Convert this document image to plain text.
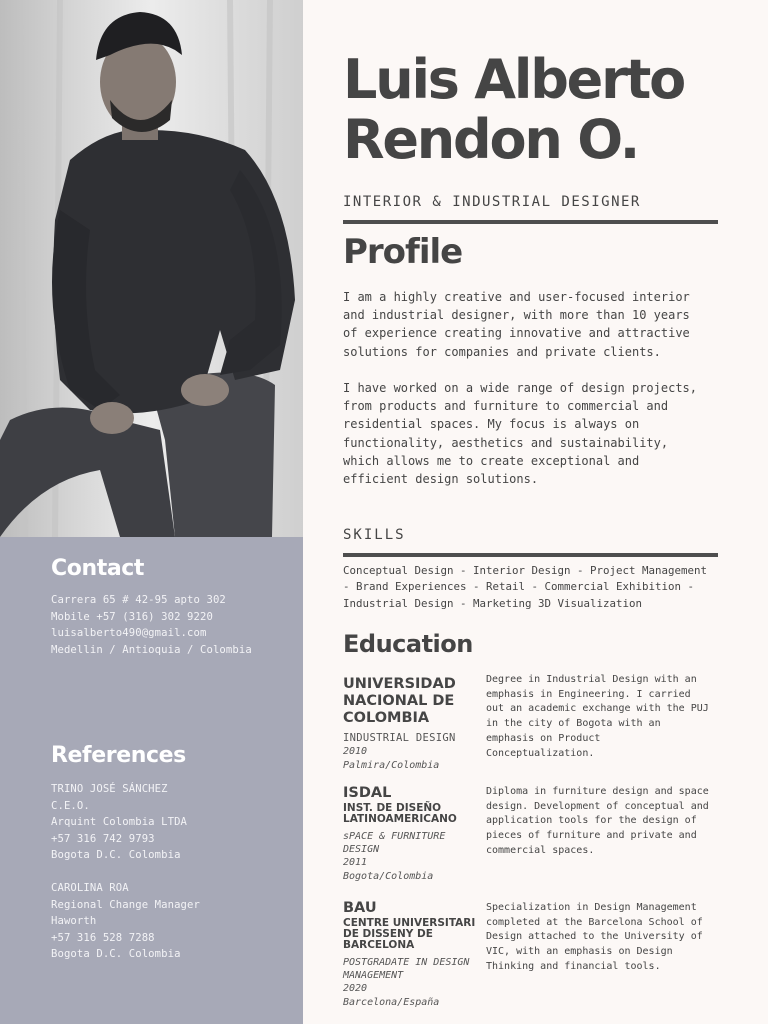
Contact
Carrera 65 # 42-95 apto 302
Mobile +57 (316) 302 9220
luisalberto490@gmail.com
Medellin / Antioquia / Colombia
References
TRINO JOSÉ SÁNCHEZ
C.E.O.
Arquint Colombia LTDA
+57 316 742 9793
Bogota D.C. Colombia
CAROLINA ROA
Regional Change Manager
Haworth
+57 316 528 7288
Bogota D.C. Colombia
Luis Alberto
Rendon O.

INTERIOR & INDUSTRIAL DESIGNER

Profile

I am a highly creative and user-focused interior
and industrial designer, with more than 10 years
of experience creating innovative and attractive
solutions for companies and private clients.

I have worked on a wide range of design projects,
from products and furniture to commercial and
residential spaces. My focus is always on
functionality, aesthetics and sustainability,
which allows me to create exceptional and
efficient design solutions.

SKILLS

Conceptual Design - Interior Design - Project Management
- Brand Experiences - Retail - Commercial Exhibition -
Industrial Design - Marketing 3D Visualization

Education

UNIVERSIDAD
NACIONAL DE
COLOMBIA

INDUSTRIAL DESIGN

2010

Palmira/Colombia

Degree in Industrial Design with an
emphasis in Engineering. I carried
out an academic exchange with the PUJ
in the city of Bogota with an
emphasis on Product
Conceptualization.

ISDAL

INST. DE DISEÑO
LATINOAMERICANO

sPACE & FURNITURE
DESIGN

2011

Bogota/Colombia

Diploma in furniture design and space
design. Development of conceptual and
application tools for the design of
pieces of furniture and private and
commercial spaces.

BAU

CENTRE UNIVERSITARI
DE DISSENY DE
BARCELONA

POSTGRADATE IN DESIGN
MANAGEMENT

2020

Barcelona/España

Specialization in Design Management
completed at the Barcelona School of
Design attached to the University of
VIC, with an emphasis on Design
Thinking and financial tools.
